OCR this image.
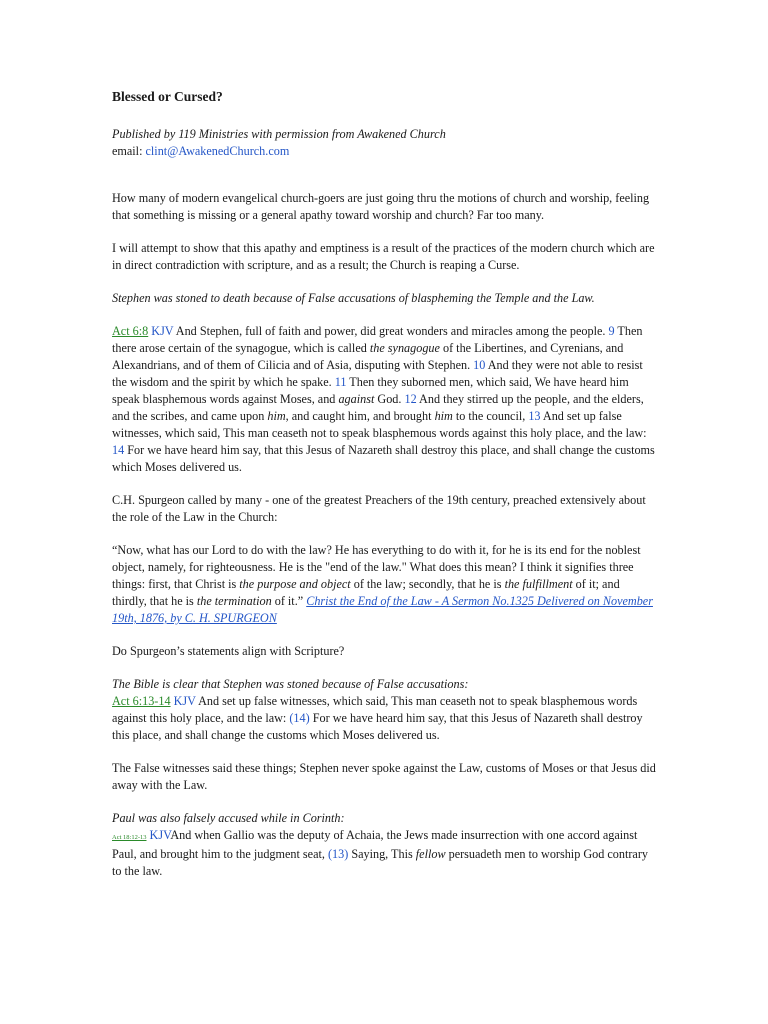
Blessed or Cursed?

Published by 119 Ministries with permission from Awakened Church

email: clint@AwakenedChurch.com

How many of modern evangelical church-goers are just going thru the motions of church and worship, feeling that something is missing or a general apathy toward worship and church? Far too many.

I will attempt to show that this apathy and emptiness is a result of the practices of the modern church which are in direct contradiction with scripture, and as a result; the Church is reaping a Curse.

Stephen was stoned to death because of False accusations of blaspheming the Temple and the Law.

Act 6:8 KJV And Stephen, full of faith and power, did great wonders and miracles among the people. 9 Then there arose certain of the synagogue, which is called the synagogue of the Libertines, and Cyrenians, and Alexandrians, and of them of Cilicia and of Asia, disputing with Stephen. 10 And they were not able to resist the wisdom and the spirit by which he spake. 11 Then they suborned men, which said, We have heard him speak blasphemous words against Moses, and against God. 12 And they stirred up the people, and the elders, and the scribes, and came upon him, and caught him, and brought him to the council, 13 And set up false witnesses, which said, This man ceaseth not to speak blasphemous words against this holy place, and the law: 14 For we have heard him say, that this Jesus of Nazareth shall destroy this place, and shall change the customs which Moses delivered us.

C.H. Spurgeon called by many - one of the greatest Preachers of the 19th century, preached extensively about the role of the Law in the Church:

“Now, what has our Lord to do with the law? He has everything to do with it, for he is its end for the noblest object, namely, for righteousness. He is the "end of the law." What does this mean? I think it signifies three things: first, that Christ is the purpose and object of the law; secondly, that he is the fulfillment of it; and thirdly, that he is the termination of it.” Christ the End of the Law - A Sermon No.1325 Delivered on November 19th, 1876, by C. H. SPURGEON

Do Spurgeon’s statements align with Scripture?

The Bible is clear that Stephen was stoned because of False accusations:

Act 6:13-14 KJV And set up false witnesses, which said, This man ceaseth not to speak blasphemous words against this holy place, and the law: (14) For we have heard him say, that this Jesus of Nazareth shall destroy this place, and shall change the customs which Moses delivered us.

The False witnesses said these things; Stephen never spoke against the Law, customs of Moses or that Jesus did away with the Law.

Paul was also falsely accused while in Corinth:

Act 18:12-13 KJVAnd when Gallio was the deputy of Achaia, the Jews made insurrection with one accord against Paul, and brought him to the judgment seat, (13) Saying, This fellow persuadeth men to worship God contrary to the law.
